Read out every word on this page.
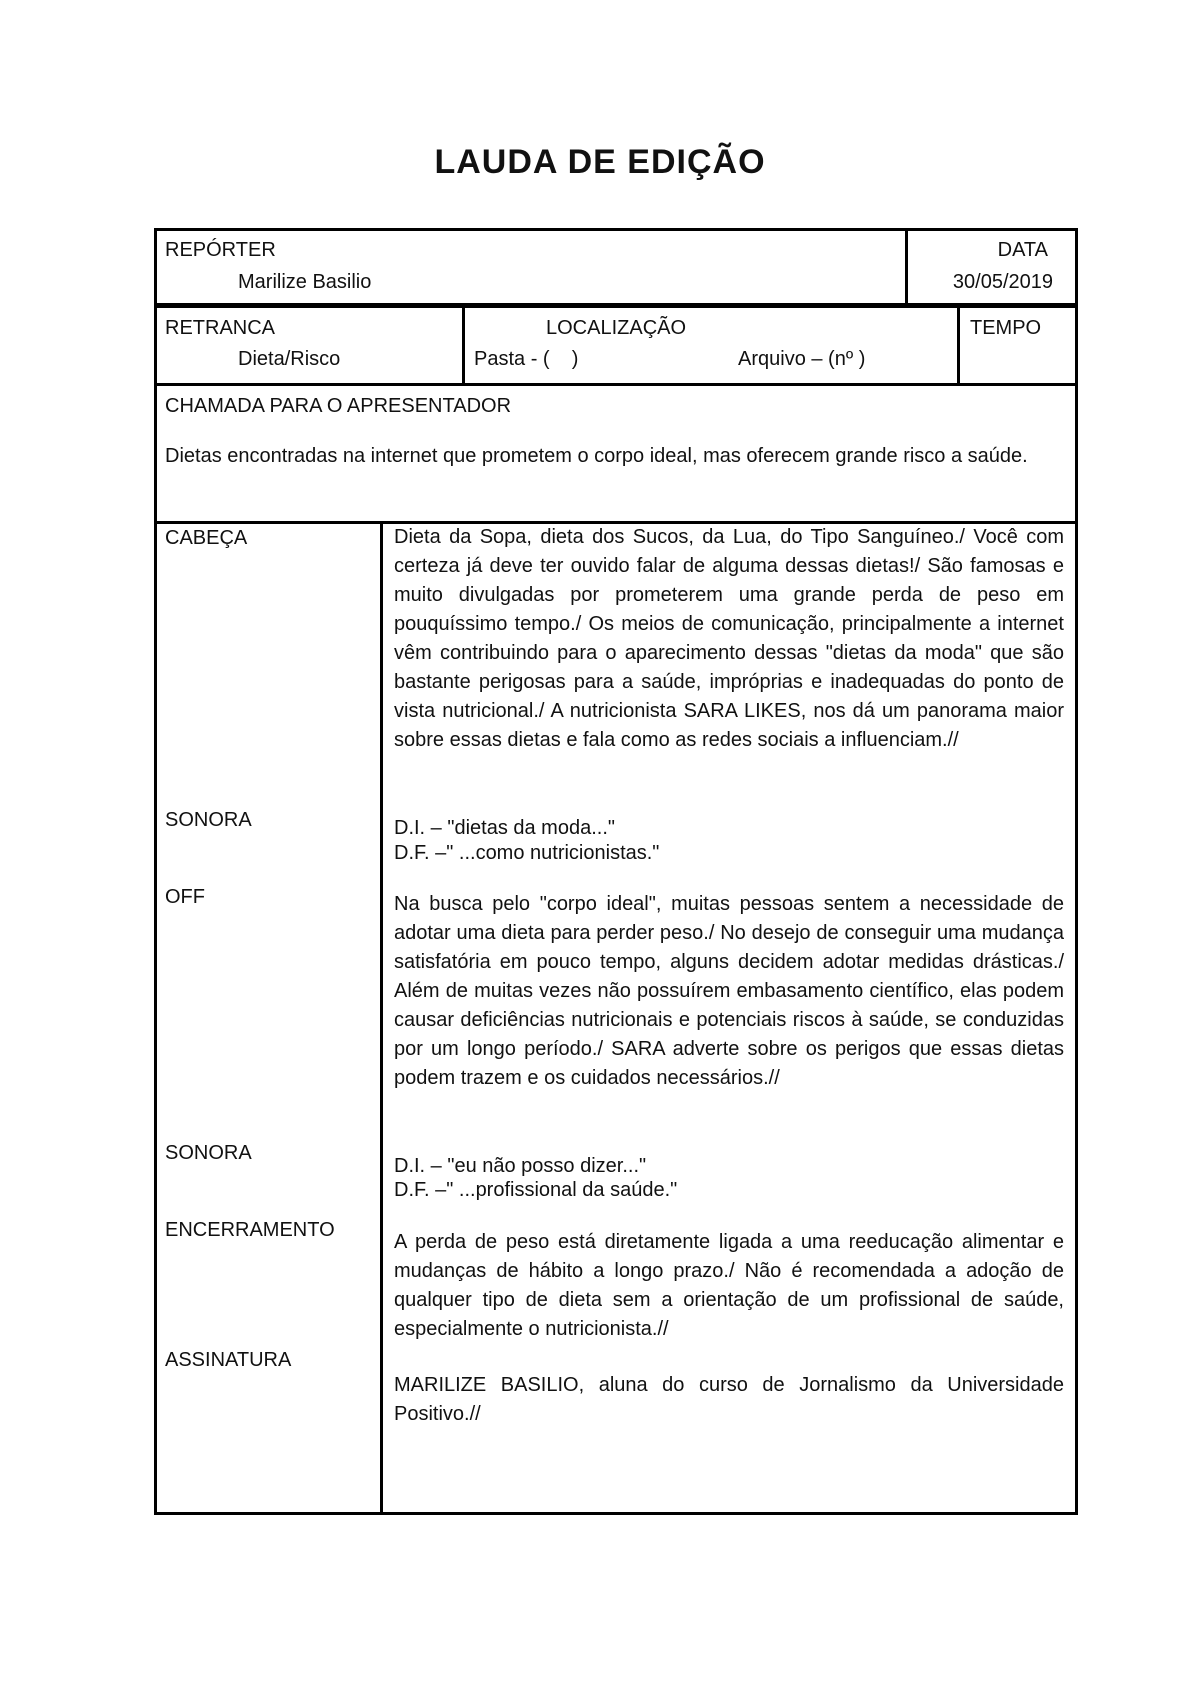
LAUDA DE EDIÇÃO
REPÓRTER
Marilize Basilio
DATA
30/05/2019
RETRANCA
Dieta/Risco
LOCALIZAÇÃO
Pasta - (    )	Arquivo – (nº )
TEMPO
CHAMADA PARA O APRESENTADOR
Dietas encontradas na internet que prometem o corpo ideal, mas oferecem grande risco a saúde.
CABEÇA
SONORA
OFF
SONORA
ENCERRAMENTO
ASSINATURA
Dieta da Sopa, dieta dos Sucos, da Lua, do Tipo Sanguíneo./ Você com certeza já deve ter ouvido falar de alguma dessas dietas!/ São famosas e muito divulgadas por prometerem uma grande perda de peso em pouquíssimo tempo./ Os meios de comunicação, principalmente a internet vêm contribuindo para o aparecimento dessas "dietas da moda" que são bastante perigosas para a saúde, impróprias e inadequadas do ponto de vista nutricional./ A nutricionista SARA LIKES, nos dá um panorama maior sobre essas dietas e fala como as redes sociais a influenciam.//
D.I. – "dietas da moda..."
D.F. –" ...como nutricionistas."
Na busca pelo "corpo ideal", muitas pessoas sentem a necessidade de adotar uma dieta para perder peso./ No desejo de conseguir uma mudança satisfatória em pouco tempo, alguns decidem adotar medidas drásticas./ Além de muitas vezes não possuírem embasamento científico, elas podem causar deficiências nutricionais e potenciais riscos à saúde, se conduzidas por um longo período./ SARA adverte sobre os perigos que essas dietas podem trazem e os cuidados necessários.//
D.I. – "eu não posso dizer..."
D.F. –" ...profissional da saúde."
A perda de peso está diretamente ligada a uma reeducação alimentar e mudanças de hábito a longo prazo./ Não é recomendada a adoção de qualquer tipo de dieta sem a orientação de um profissional de saúde, especialmente o nutricionista.//
MARILIZE BASILIO, aluna do curso de Jornalismo da Universidade Positivo.//
